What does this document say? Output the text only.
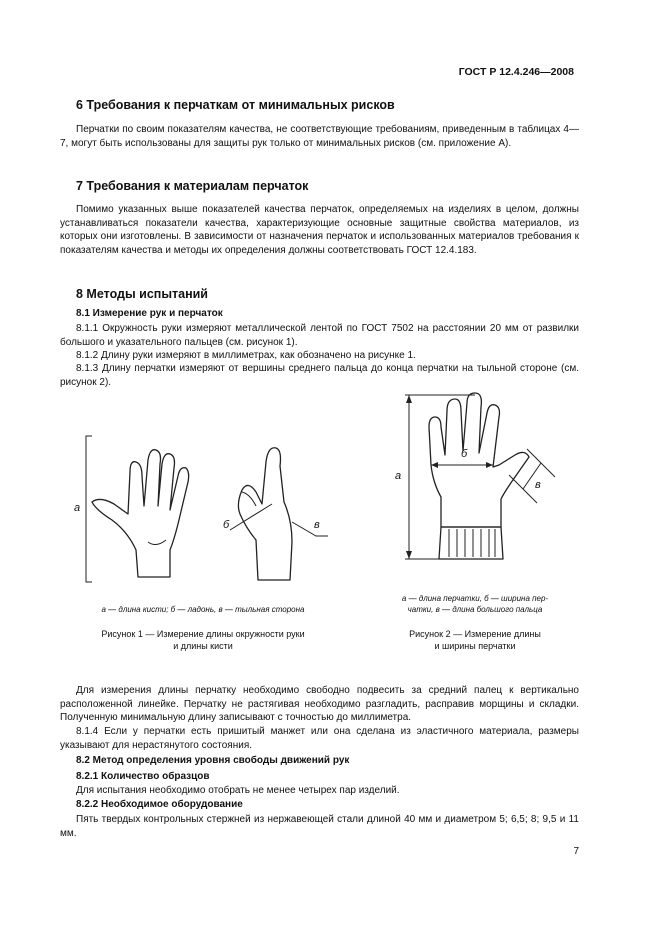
ГОСТ Р 12.4.246—2008
6 Требования к перчаткам от минимальных рисков

Перчатки по своим показателям качества, не соответствующие требованиям, приведенным в таблицах 4—7, могут быть использованы для защиты рук только от минимальных рисков (см. приложение А).

7 Требования к материалам перчаток

Помимо указанных выше показателей качества перчаток, определяемых на изделиях в целом, должны устанавливаться показатели качества, характеризующие основные защитные свойства материалов, из которых они изготовлены. В зависимости от назначения перчаток и использованных материалов требования к показателям качества и методы их определения должны соответствовать ГОСТ 12.4.183.

8 Методы испытаний
8.1 Измерение рук и перчаток

8.1.1 Окружность руки измеряют металлической лентой по ГОСТ 7502 на расстоянии 20 мм от развилки большого и указательного пальцев (см. рисунок 1).

8.1.2 Длину руки измеряют в миллиметрах, как обозначено на рисунке 1.

8.1.3 Длину перчатки измеряют от вершины среднего пальца до конца перчатки на тыльной стороне (см. рисунок 2).

а
б	в
а — длина кисти; б — ладонь, в — тыльная сторона
Рисунок 1 — Измерение длины окружности руки
и длины кисти
а
б
в
а — длина перчатки, б — ширина пер-
чатки, в — длина большого пальца
Рисунок 2 — Измерение длины
и ширины перчатки

Для измерения длины перчатку необходимо свободно подвесить за средний палец к вертикально расположенной линейке. Перчатку не растягивая необходимо разгладить, расправив морщины и складки. Полученную минимальную длину записывают с точностью до миллиметра.

8.1.4 Если у перчатки есть пришитый манжет или она сделана из эластичного материала, размеры указывают для нерастянутого состояния.

8.2 Метод определения уровня свободы движений рук
8.2.1 Количество образцов

Для испытания необходимо отобрать не менее четырех пар изделий.

8.2.2 Необходимое оборудование

Пять твердых контрольных стержней из нержавеющей стали длиной 40 мм и диаметром 5; 6,5; 8; 9,5 и 11 мм.

7
